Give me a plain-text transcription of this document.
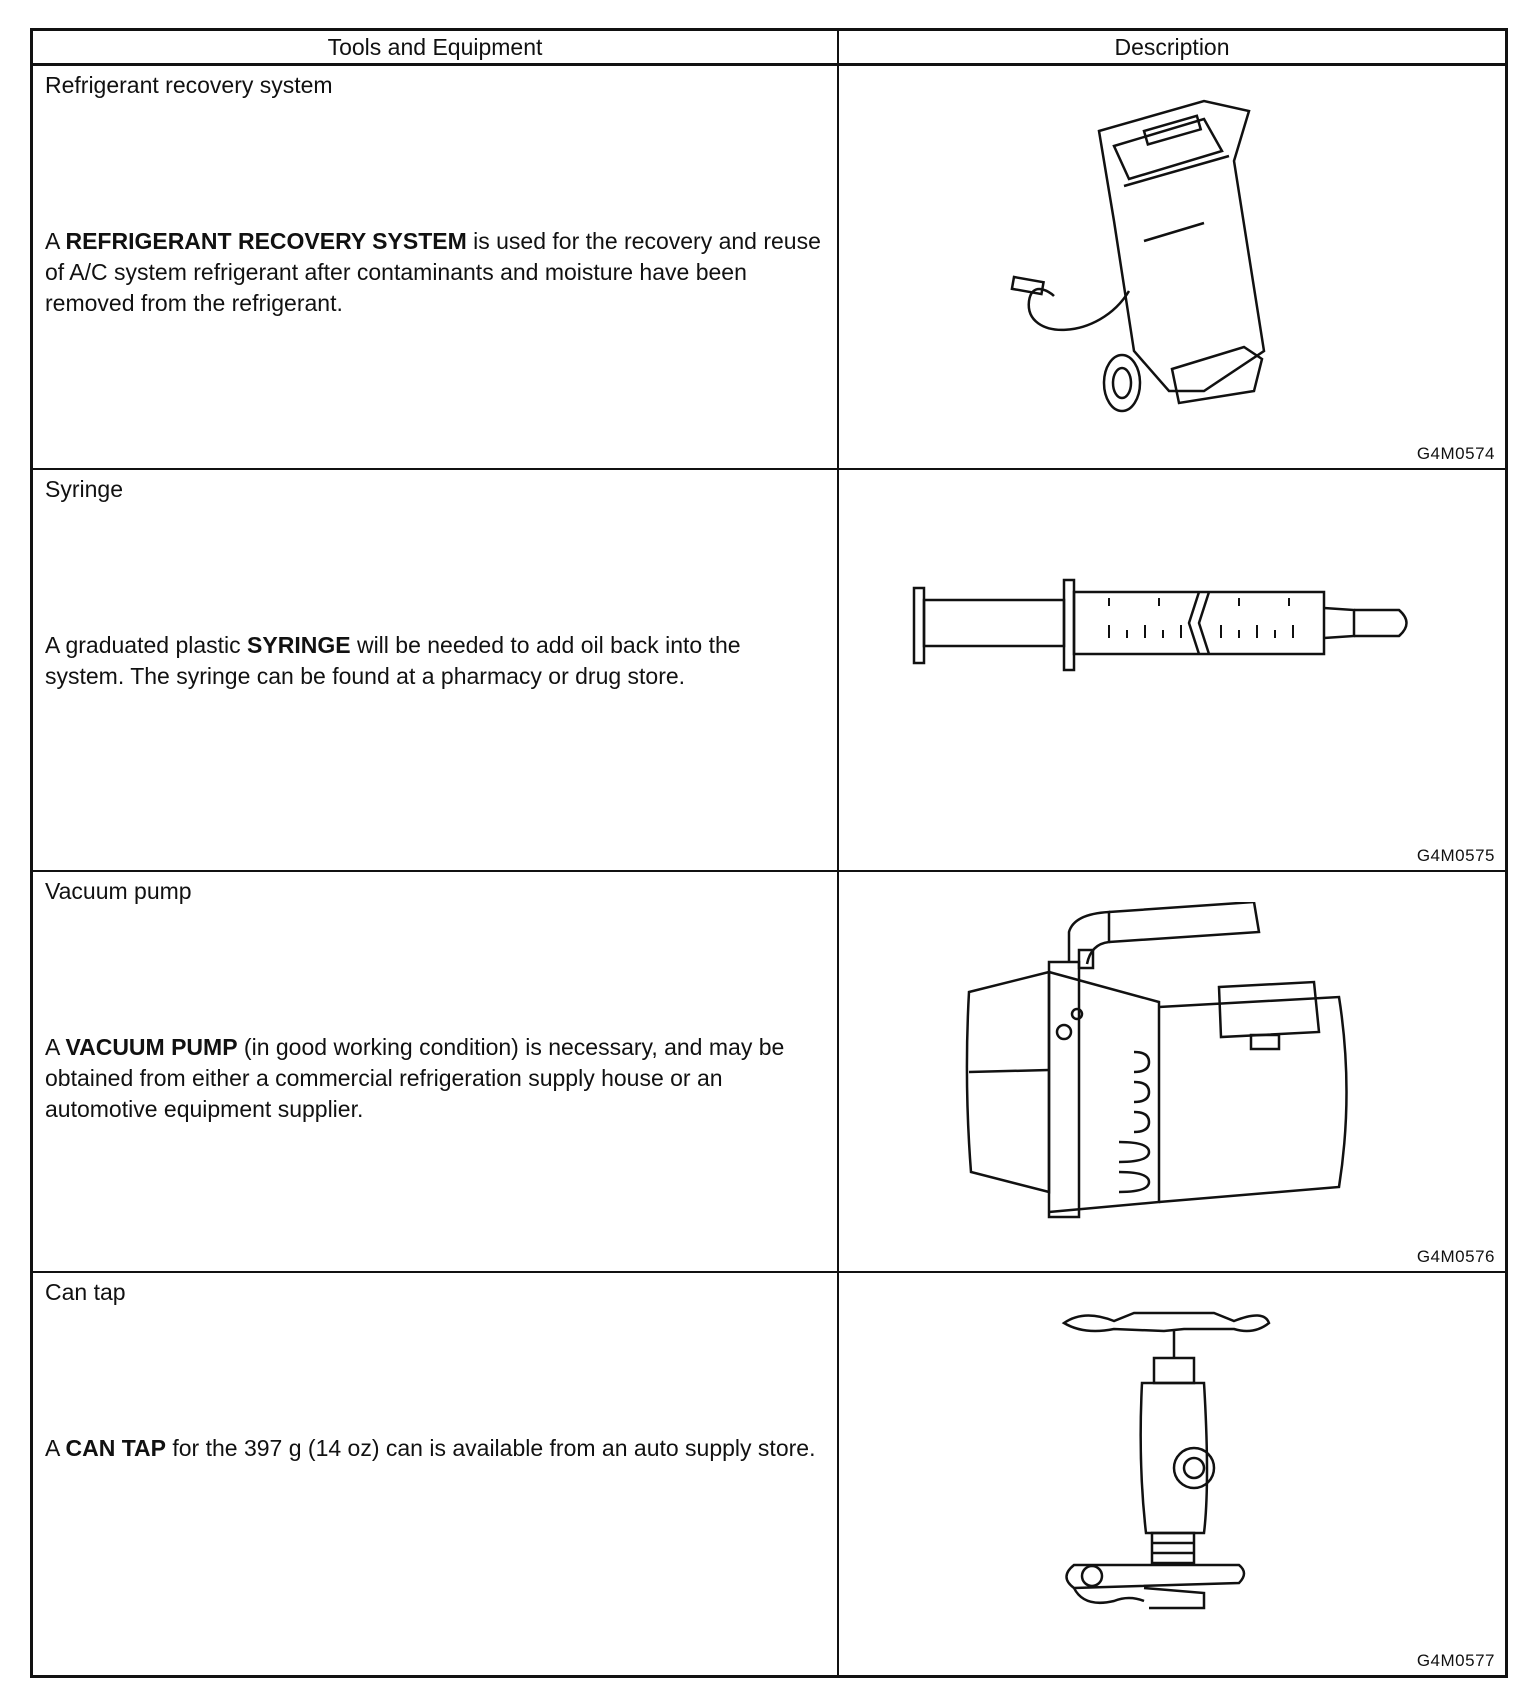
Tools and Equipment	Description
Refrigerant recovery system
A REFRIGERANT RECOVERY SYSTEM is used for the recovery and reuse of A/C system refrigerant after contaminants and moisture have been removed from the refrigerant.
G4M0574
Syringe
A graduated plastic SYRINGE will be needed to add oil back into the system. The syringe can be found at a pharmacy or drug store.
G4M0575
Vacuum pump
A VACUUM PUMP (in good working condition) is necessary, and may be obtained from either a commercial refrigeration supply house or an automotive equipment supplier.
G4M0576
Can tap
A CAN TAP for the 397 g (14 oz) can is available from an auto supply store.
G4M0577
